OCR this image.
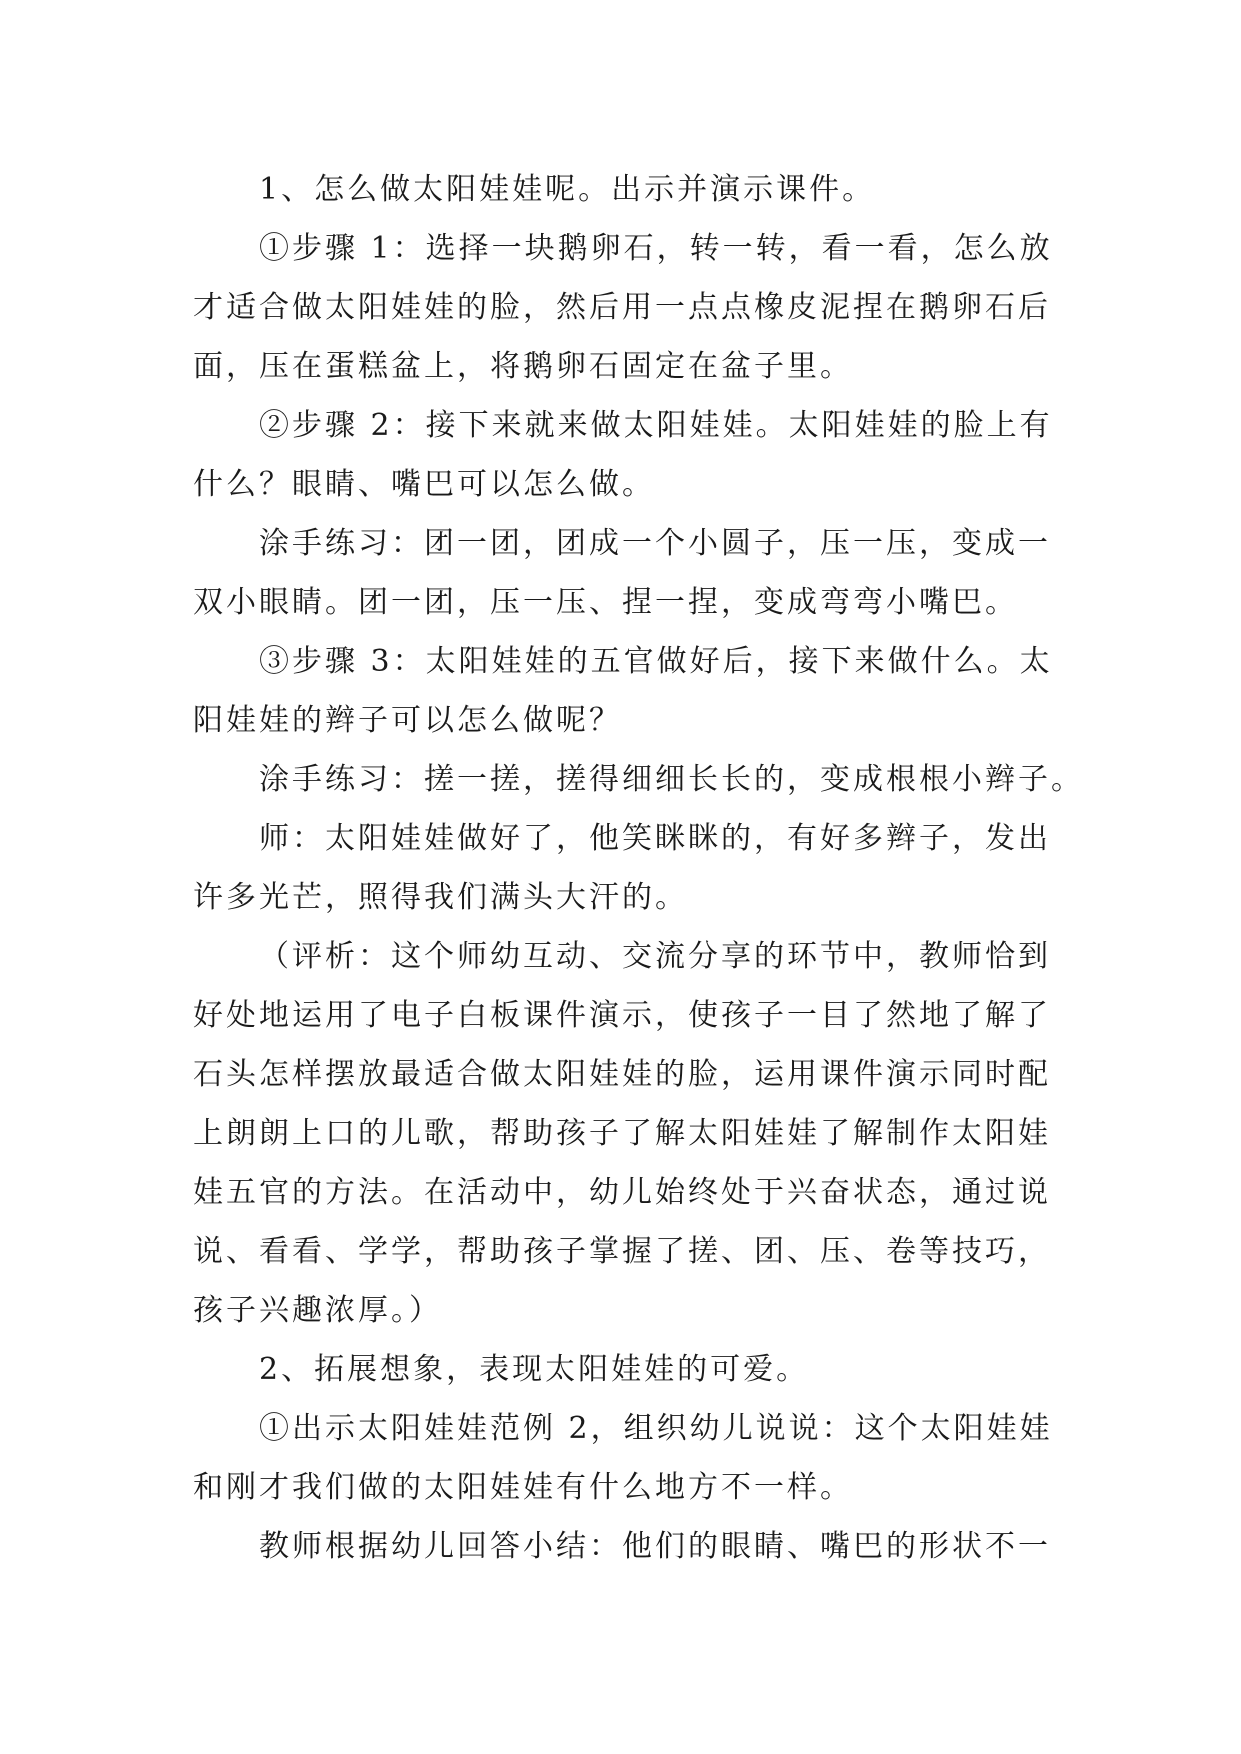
1、怎么做太阳娃娃呢。出示并演示课件。
①步骤 1：选择一块鹅卵石，转一转，看一看，怎么放
才适合做太阳娃娃的脸，然后用一点点橡皮泥捏在鹅卵石后
面，压在蛋糕盆上，将鹅卵石固定在盆子里。
②步骤 2：接下来就来做太阳娃娃。太阳娃娃的脸上有
什么？眼睛、嘴巴可以怎么做。
涂手练习：团一团，团成一个小圆子，压一压，变成一
双小眼睛。团一团，压一压、捏一捏，变成弯弯小嘴巴。
③步骤 3：太阳娃娃的五官做好后，接下来做什么。太
阳娃娃的辫子可以怎么做呢？
涂手练习：搓一搓，搓得细细长长的，变成根根小辫子。
师：太阳娃娃做好了，他笑眯眯的，有好多辫子，发出
许多光芒，照得我们满头大汗的。
（评析：这个师幼互动、交流分享的环节中，教师恰到
好处地运用了电子白板课件演示，使孩子一目了然地了解了
石头怎样摆放最适合做太阳娃娃的脸，运用课件演示同时配
上朗朗上口的儿歌，帮助孩子了解太阳娃娃了解制作太阳娃
娃五官的方法。在活动中，幼儿始终处于兴奋状态，通过说
说、看看、学学，帮助孩子掌握了搓、团、压、卷等技巧，
孩子兴趣浓厚。）
2、拓展想象，表现太阳娃娃的可爱。
①出示太阳娃娃范例 2，组织幼儿说说：这个太阳娃娃
和刚才我们做的太阳娃娃有什么地方不一样。
教师根据幼儿回答小结：他们的眼睛、嘴巴的形状不一
